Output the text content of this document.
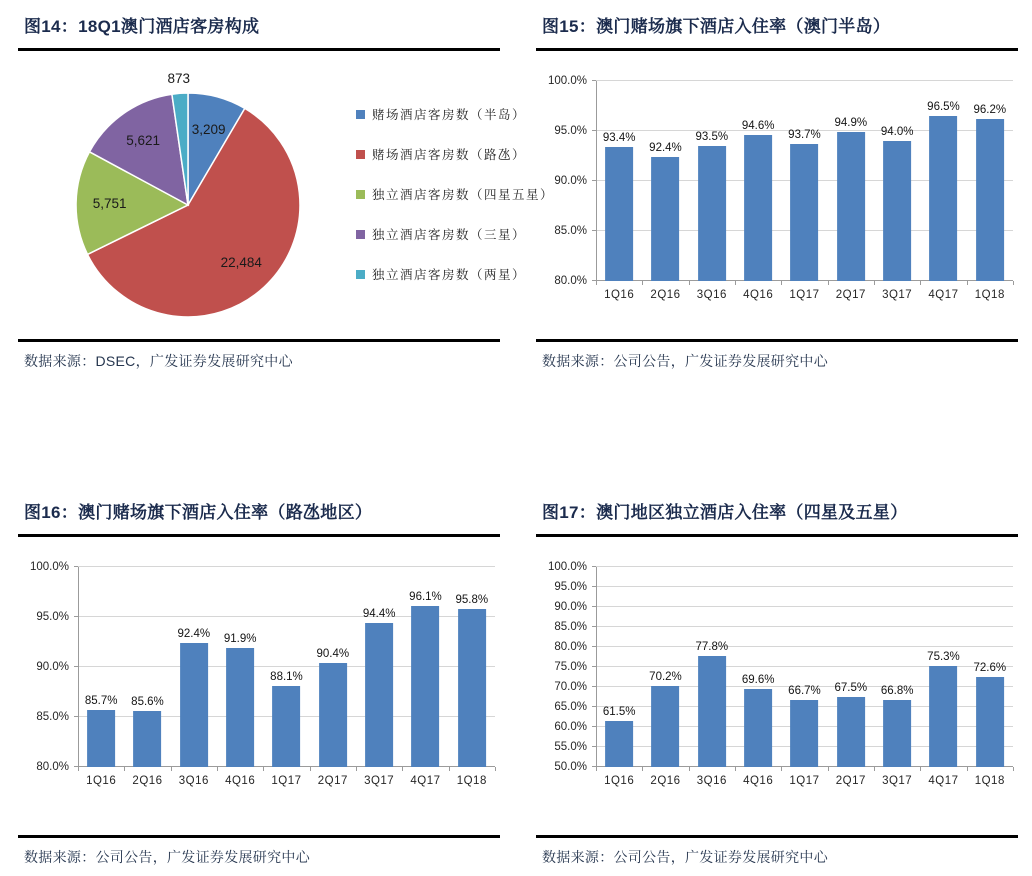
图14：18Q1澳门酒店客房构成
3,209
22,484
5,751
5,621
873
赌场酒店客房数（半岛）
赌场酒店客房数（路氹）
独立酒店客房数（四星五星）
独立酒店客房数（三星）
独立酒店客房数（两星）
数据来源：DSEC，广发证券发展研究中心
图15：澳门赌场旗下酒店入住率（澳门半岛）
80.0%
85.0%
90.0%
95.0%
100.0%
93.4%
92.4%
93.5%
94.6%
93.7%
94.9%
94.0%
96.5% 96.2%
1Q16	2Q16	3Q16	4Q16	1Q17	2Q17	3Q17	4Q17	1Q18
数据来源：公司公告，广发证券发展研究中心
图16：澳门赌场旗下酒店入住率（路氹地区）
80.0%
85.0%
90.0%
95.0%
100.0%
85.7% 85.6%
92.4% 91.9%
88.1%
90.4%
94.4%
96.1% 95.8%
1Q16	2Q16	3Q16	4Q16	1Q17	2Q17	3Q17	4Q17	1Q18
数据来源：公司公告，广发证券发展研究中心
图17：澳门地区独立酒店入住率（四星及五星）
50.0%
55.0%
60.0%
65.0%
70.0%
75.0%
80.0%
85.0%
90.0%
95.0%
100.0%
61.5%
70.2%
77.8%
69.6%
66.7% 67.5% 66.8%
75.3%
72.6%
1Q16	2Q16	3Q16	4Q16	1Q17	2Q17	3Q17	4Q17	1Q18
数据来源：公司公告，广发证券发展研究中心
